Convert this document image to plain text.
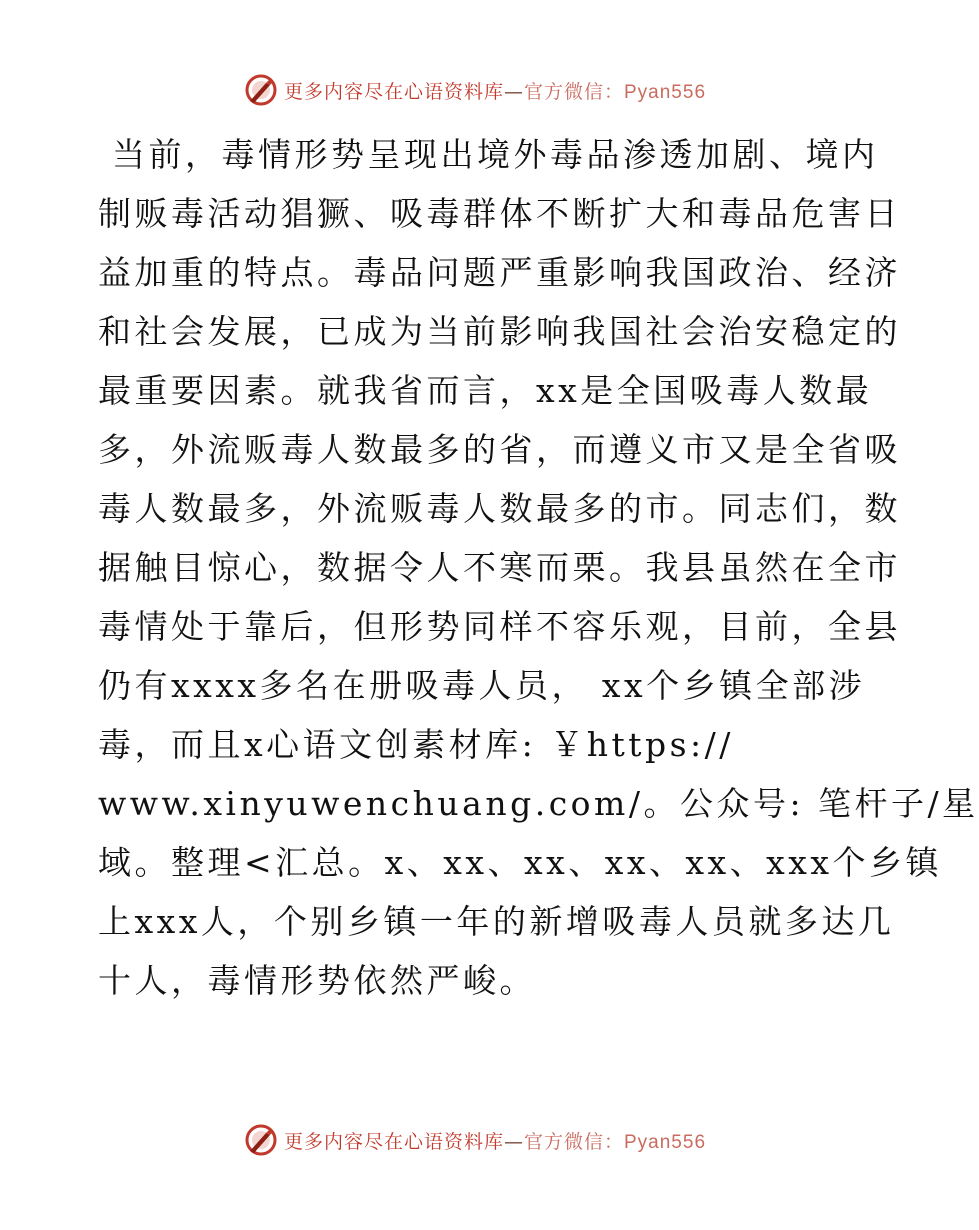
更多内容尽在心语资料库—官方微信：Pyan556
当前，毒情形势呈现出境外毒品渗透加剧、境内
制贩毒活动猖獗、吸毒群体不断扩大和毒品危害日
益加重的特点。毒品问题严重影响我国政治、经济
和社会发展，已成为当前影响我国社会治安稳定的
最重要因素。就我省而言，xx是全国吸毒人数最
多，外流贩毒人数最多的省，而遵义市又是全省吸
毒人数最多，外流贩毒人数最多的市。同志们，数
据触目惊心，数据令人不寒而栗。我县虽然在全市
毒情处于靠后，但形势同样不容乐观，目前，全县
仍有xxxx多名在册吸毒人员， xx个乡镇全部涉
毒，而且x心语文创素材库: ￥https://
www.xinyuwenchuang.com/。公众号: 笔杆子/星
域。整理<汇总。x、xx、xx、xx、xx、xxx个乡镇
上xxx人，个别乡镇一年的新增吸毒人员就多达几
十人，毒情形势依然严峻。
更多内容尽在心语资料库—官方微信：Pyan556
